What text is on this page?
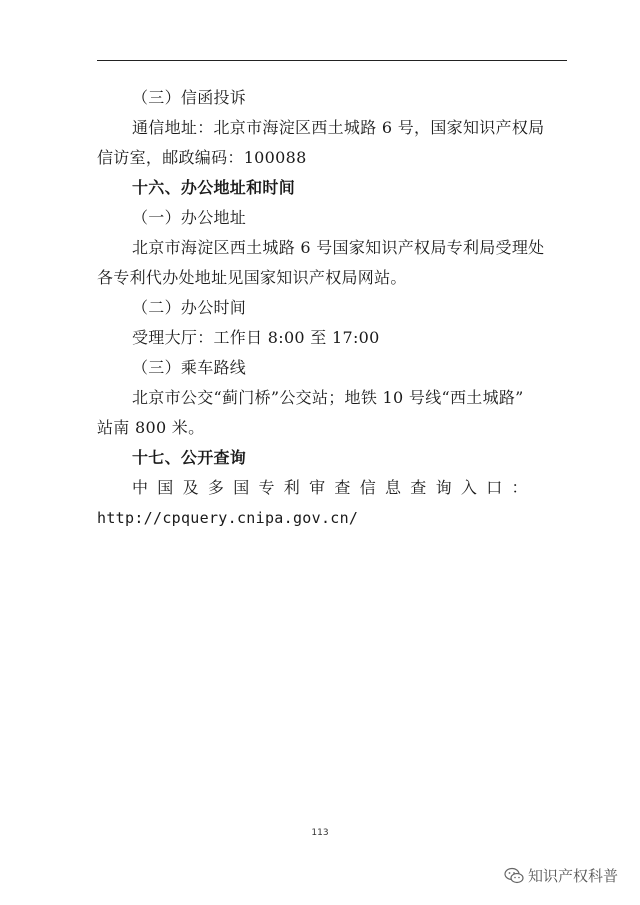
（三）信函投诉
通信地址：北京市海淀区西土城路 6 号，国家知识产权局
信访室，邮政编码：100088
十六、办公地址和时间
（一）办公地址
北京市海淀区西土城路 6 号国家知识产权局专利局受理处
各专利代办处地址见国家知识产权局网站。
（二）办公时间
受理大厅：工作日 8:00 至 17:00
（三）乘车路线
北京市公交“蓟门桥”公交站；地铁 10 号线“西土城路”
站南 800 米。
十七、公开查询
中国及多国专利审查信息查询入口：
http://cpquery.cnipa.gov.cn/
113
知识产权科普
